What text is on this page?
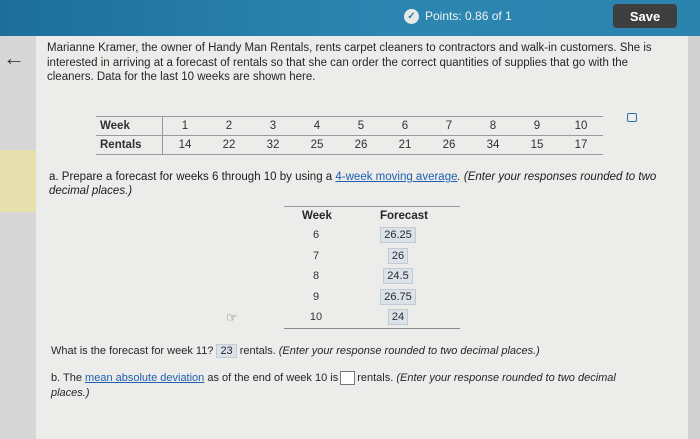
✓ Points: 0.86 of 1	Save
← Marianne Kramer, the owner of Handy Man Rentals, rents carpet cleaners to contractors and walk-in customers. She is interested in arriving at a forecast of rentals so that she can order the correct quantities of supplies that go with the cleaners. Data for the last 10 weeks are shown here.
Week	1	2	3	4	5	6	7	8	9	10
Rentals	14	22	32	25	26	21	26	34	15	17
a. Prepare a forecast for weeks 6 through 10 by using a 4-week moving average. (Enter your responses rounded to two decimal places.)
Week	Forecast
6	26.25
7	26
8	24.5
9	26.75
10	24
☞
What is the forecast for week 11? 23 rentals. (Enter your response rounded to two decimal places.)
b. The mean absolute deviation as of the end of week 10 is rentals. (Enter your response rounded to two decimal places.)
